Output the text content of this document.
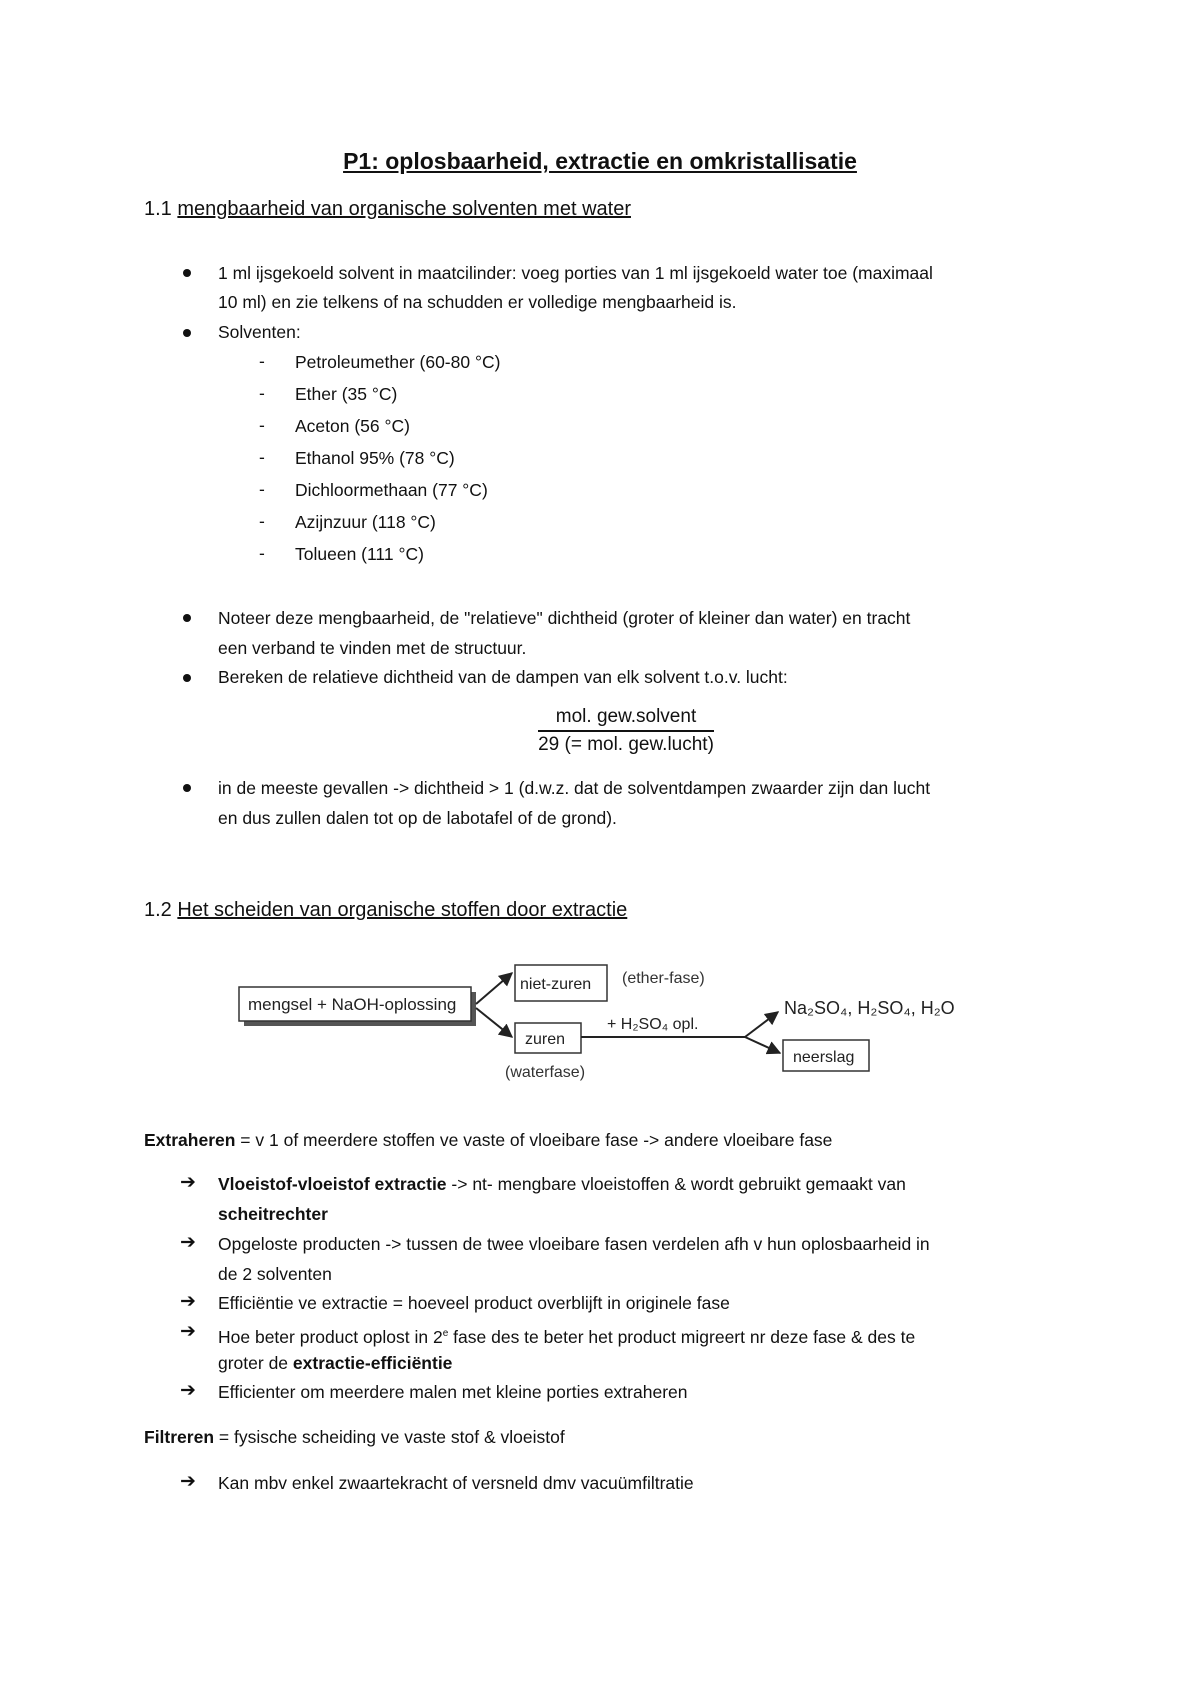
P1: oplosbaarheid, extractie en omkristallisatie
1.1 mengbaarheid van organische solventen met water
1 ml ijsgekoeld solvent in maatcilinder: voeg porties van 1 ml ijsgekoeld water toe (maximaal
10 ml) en zie telkens of na schudden er volledige mengbaarheid is.
Solventen:
- Petroleumether (60-80 °C)
- Ether (35 °C)
- Aceton (56 °C)
- Ethanol 95% (78 °C)
- Dichloormethaan (77 °C)
- Azijnzuur (118 °C)
- Tolueen (111 °C)
Noteer deze mengbaarheid, de "relatieve" dichtheid (groter of kleiner dan water) en tracht
een verband te vinden met de structuur.
Bereken de relatieve dichtheid van de dampen van elk solvent t.o.v. lucht:
$\frac{\text{mol. gew.solvent}}{\text{29 (= mol. gew.lucht)}}$
in de meeste gevallen -> dichtheid > 1 (d.w.z. dat de solventdampen zwaarder zijn dan lucht
en dus zullen dalen tot op de labotafel of de grond).
1.2 Het scheiden van organische stoffen door extractie
mengsel + NaOH-oplossing
niet-zuren (ether-fase)
zuren
(waterfase)
+ H₂SO₄ opl.
Na₂SO₄, H₂SO₄, H₂O
neerslag
Extraheren = v 1 of meerdere stoffen ve vaste of vloeibare fase -> andere vloeibare fase
➔ Vloeistof-vloeistof extractie -> nt- mengbare vloeistoffen & wordt gebruikt gemaakt van
scheitrechter
➔ Opgeloste producten -> tussen de twee vloeibare fasen verdelen afh v hun oplosbaarheid in
de 2 solventen
➔ Efficiëntie ve extractie = hoeveel product overblijft in originele fase
➔ Hoe beter product oplost in 2e fase des te beter het product migreert nr deze fase & des te
groter de extractie-efficiëntie
➔ Efficienter om meerdere malen met kleine porties extraheren
Filtreren = fysische scheiding ve vaste stof & vloeistof
➔ Kan mbv enkel zwaartekracht of versneld dmv vacuümfiltratie
